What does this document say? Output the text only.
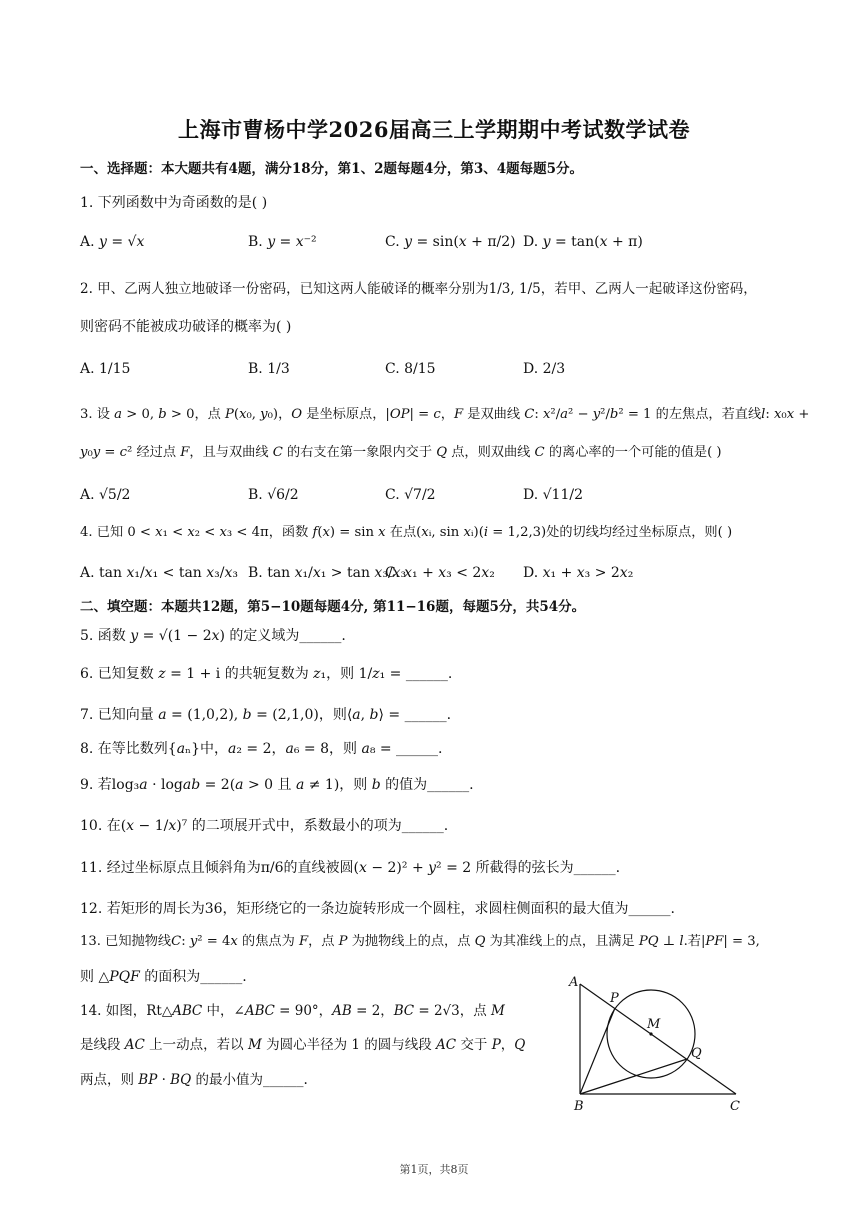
上海市曹杨中学2026届高三上学期期中考试数学试卷
一、选择题：本大题共有4题，满分18分，第1、2题每题4分，第3、4题每题5分。
1. 下列函数中为奇函数的是( )
A. 𝑦 = √𝑥	B. 𝑦 = 𝑥⁻²	C. 𝑦 = sin(𝑥 + π/2) D. 𝑦 = tan(𝑥 + π)
2. 甲、乙两人独立地破译一份密码，已知这两人能破译的概率分别为1/3, 1/5，若甲、乙两人一起破译这份密码，
则密码不能被成功破译的概率为( )
A. 1/15	B. 1/3	C. 8/15	D. 2/3
3. 设 𝑎 > 0, 𝑏 > 0，点 𝑃(𝑥₀, 𝑦₀)，𝑂 是坐标原点，|𝑂𝑃| = 𝑐，𝐹 是双曲线 𝐶: 𝑥²/𝑎² − 𝑦²/𝑏² = 1 的左焦点，若直线𝑙: 𝑥₀𝑥 +
𝑦₀𝑦 = 𝑐² 经过点 𝐹，且与双曲线 𝐶 的右支在第一象限内交于 𝑄 点，则双曲线 𝐶 的离心率的一个可能的值是( )
A. √5/2	B. √6/2	C. √7/2	D. √11/2
4. 已知 0 < 𝑥₁ < 𝑥₂ < 𝑥₃ < 4π，函数 𝑓(𝑥) = sin 𝑥 在点(𝑥ᵢ, sin 𝑥ᵢ)(𝑖 = 1,2,3)处的切线均经过坐标原点，则( )
A. tan 𝑥₁/𝑥₁ < tan 𝑥₃/𝑥₃ B. tan 𝑥₁/𝑥₁ > tan 𝑥₃/𝑥₃
C. 𝑥₁ + 𝑥₃ < 2𝑥₂ D. 𝑥₁ + 𝑥₃ > 2𝑥₂
二、填空题：本题共12题，第5−10题每题4分, 第11−16题，每题5分，共54分。
5. 函数 𝑦 = √(1 − 2𝑥) 的定义域为______.
6. 已知复数 𝑧 = 1 + i 的共轭复数为 𝑧₁，则 1/𝑧₁ = ______.
7. 已知向量 𝑎 = (1,0,2), 𝑏 = (2,1,0)，则⟨𝑎, 𝑏⟩ = ______.
8. 在等比数列{𝑎ₙ}中，𝑎₂ = 2，𝑎₆ = 8，则 𝑎₈ = ______.
9. 若log₃𝑎 · log𝑎𝑏 = 2(𝑎 > 0 且 𝑎 ≠ 1)，则 𝑏 的值为______.
10. 在(𝑥 − 1/𝑥)⁷ 的二项展开式中，系数最小的项为______.
11. 经过坐标原点且倾斜角为π/6的直线被圆(𝑥 − 2)² + 𝑦² = 2 所截得的弦长为______.
12. 若矩形的周长为36，矩形绕它的一条边旋转形成一个圆柱，求圆柱侧面积的最大值为______.
13. 已知抛物线𝐶: 𝑦² = 4𝑥 的焦点为 𝐹，点 𝑃 为抛物线上的点，点 𝑄 为其准线上的点，且满足 𝑃𝑄 ⊥ 𝑙.若|𝑃𝐹| = 3,
则 △𝑃𝑄𝐹 的面积为______.
14. 如图，Rt△𝐴𝐵𝐶 中，∠𝐴𝐵𝐶 = 90°，𝐴𝐵 = 2，𝐵𝐶 = 2√3，点 𝑀
是线段 𝐴𝐶 上一动点，若以 𝑀 为圆心半径为 1 的圆与线段 𝐴𝐶 交于 𝑃，𝑄
两点，则 𝐵𝑃 · 𝐵𝑄 的最小值为______.
A
B	C
P
Q
M
第1页，共8页
